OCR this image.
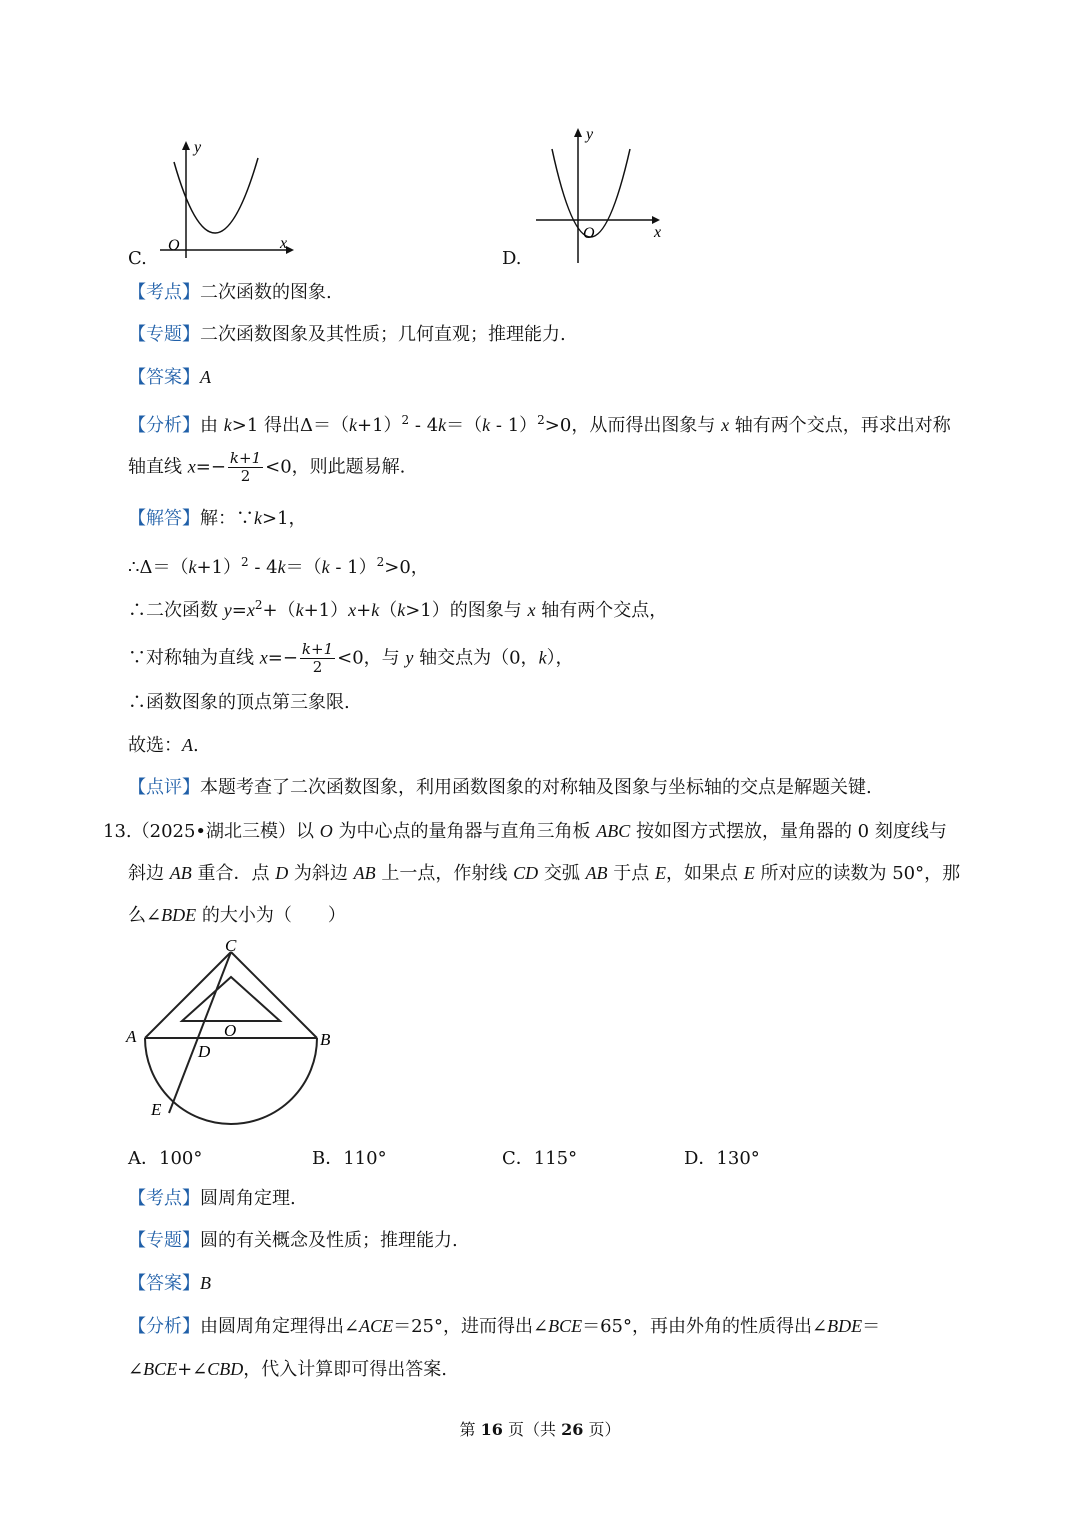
y
x
O
C.
y
x
O
D.
【考点】二次函数的图象.
【专题】二次函数图象及其性质；几何直观；推理能力.
【答案】A
【分析】由 k>1 得出$\Delta=(k+1)^2 - 4k=(k - 1)^2>0$，从而得出图象与 x 轴有两个交点，再求出对称
轴直线 $x=- \frac{k+1}{2} <0$，则此题易解.
【解答】解：∵k>1，
$\therefore\Delta=(k+1)^2 - 4k=(k - 1)^2>0$，
∴二次函数 $y=x^2+(k+1)x+k(k>1)$的图象与 x 轴有两个交点，
∵对称轴为直线 $x=- \frac{k+1}{2} <0$，与 y 轴交点为（0，k），
∴函数图象的顶点第三象限.
故选：A.
【点评】本题考查了二次函数图象，利用函数图象的对称轴及图象与坐标轴的交点是解题关键.
13.（2025•湖北三模）以 O 为中心点的量角器与直角三角板 ABC 按如图方式摆放，量角器的 0 刻度线与
斜边 AB 重合．点 D 为斜边 AB 上一点，作射线 CD 交弧 AB 于点 E，如果点 E 所对应的读数为 50°，那
么∠BDE 的大小为（　　）
C
A	B
O
D
E
A．100°	B．110°	C．115°	D．130°
【考点】圆周角定理.
【专题】圆的有关概念及性质；推理能力.
【答案】B
【分析】由圆周角定理得出∠ACE＝25°，进而得出∠BCE＝65°，再由外角的性质得出∠BDE＝
∠BCE+∠CBD，代入计算即可得出答案.
第 16 页（共 26 页）
